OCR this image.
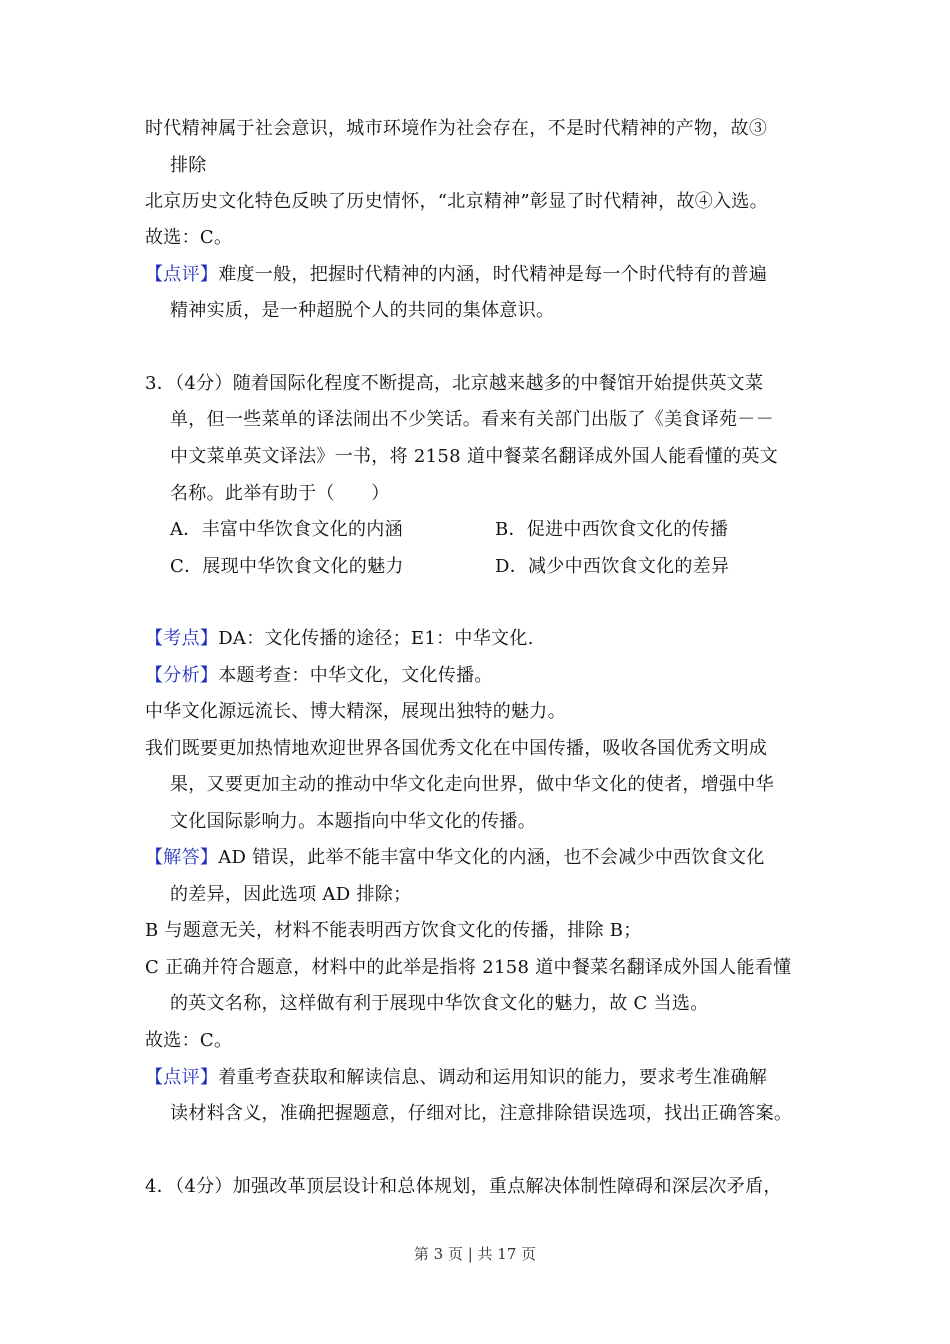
时代精神属于社会意识，城市环境作为社会存在，不是时代精神的产物，故③
排除
北京历史文化特色反映了历史情怀，“北京精神”彰显了时代精神，故④入选。
故选：C。
【点评】难度一般，把握时代精神的内涵，时代精神是每一个时代特有的普遍
精神实质，是一种超脱个人的共同的集体意识。
3．（4分）随着国际化程度不断提高，北京越来越多的中餐馆开始提供英文菜
单，但一些菜单的译法闹出不少笑话。看来有关部门出版了《美食译苑－－
中文菜单英文译法》一书，将 2158 道中餐菜名翻译成外国人能看懂的英文
名称。此举有助于（　　）
A．丰富中华饮食文化的内涵	B．促进中西饮食文化的传播
C．展现中华饮食文化的魅力	D．减少中西饮食文化的差异
【考点】DA：文化传播的途径；E1：中华文化.
【分析】本题考查：中华文化，文化传播。
中华文化源远流长、博大精深，展现出独特的魅力。
我们既要更加热情地欢迎世界各国优秀文化在中国传播，吸收各国优秀文明成
果，又要更加主动的推动中华文化走向世界，做中华文化的使者，增强中华
文化国际影响力。本题指向中华文化的传播。
【解答】AD 错误，此举不能丰富中华文化的内涵，也不会减少中西饮食文化
的差异，因此选项 AD 排除；
B 与题意无关，材料不能表明西方饮食文化的传播，排除 B；
C 正确并符合题意，材料中的此举是指将 2158 道中餐菜名翻译成外国人能看懂
的英文名称，这样做有利于展现中华饮食文化的魅力，故 C 当选。
故选：C。
【点评】着重考查获取和解读信息、调动和运用知识的能力，要求考生准确解
读材料含义，准确把握题意，仔细对比，注意排除错误选项，找出正确答案。
4．（4分）加强改革顶层设计和总体规划，重点解决体制性障碍和深层次矛盾，
第 3 页 | 共 17 页
